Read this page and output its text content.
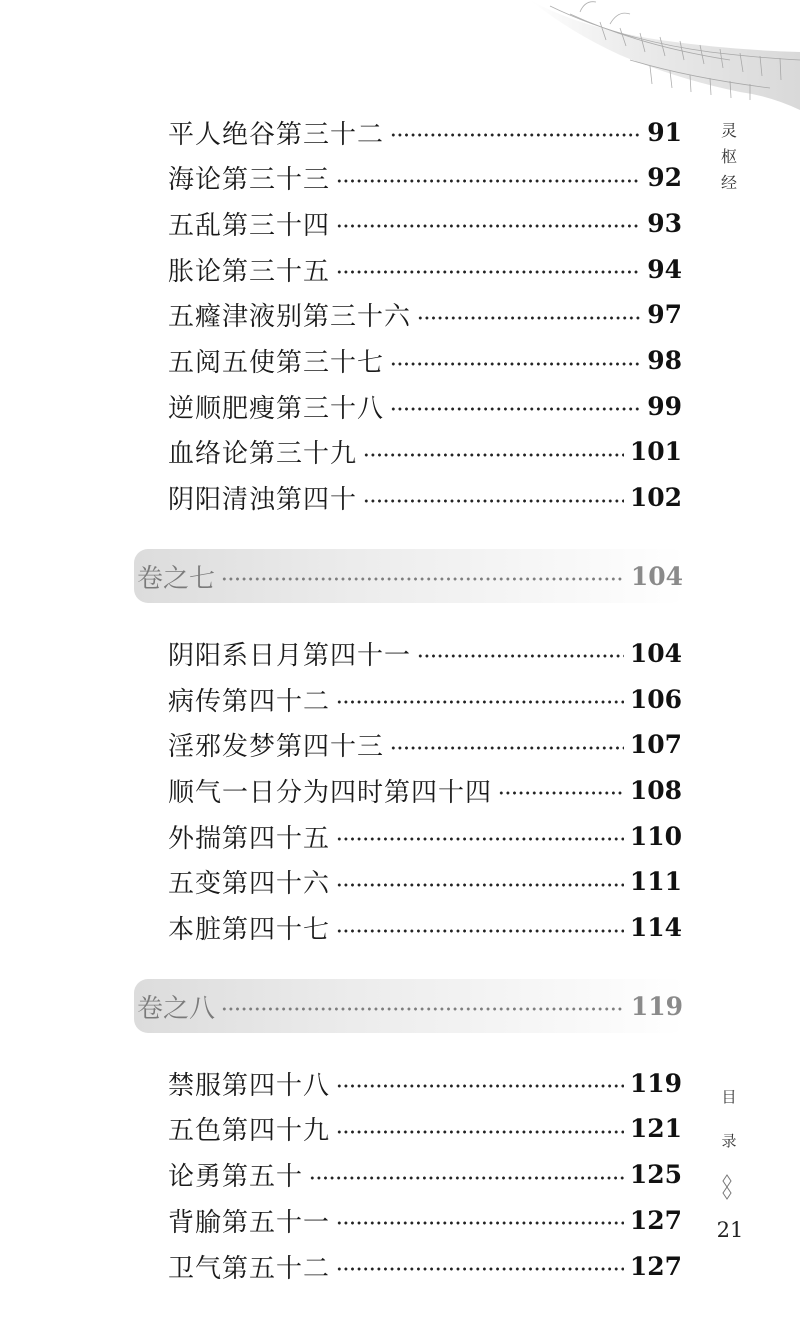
平人绝谷第三十二	91
海论第三十三	92
五乱第三十四	93
胀论第三十五	94
五癃津液别第三十六	97
五阅五使第三十七	98
逆顺肥瘦第三十八	99
血络论第三十九	101
阴阳清浊第四十	102
卷之七	104
阴阳系日月第四十一	104
病传第四十二	106
淫邪发梦第四十三	107
顺气一日分为四时第四十四	108
外揣第四十五	110
五变第四十六	111
本脏第四十七	114
卷之八	119
禁服第四十八	119
五色第四十九	121
论勇第五十	125
背腧第五十一	127
卫气第五十二	127
灵
枢
经
目
录
21
